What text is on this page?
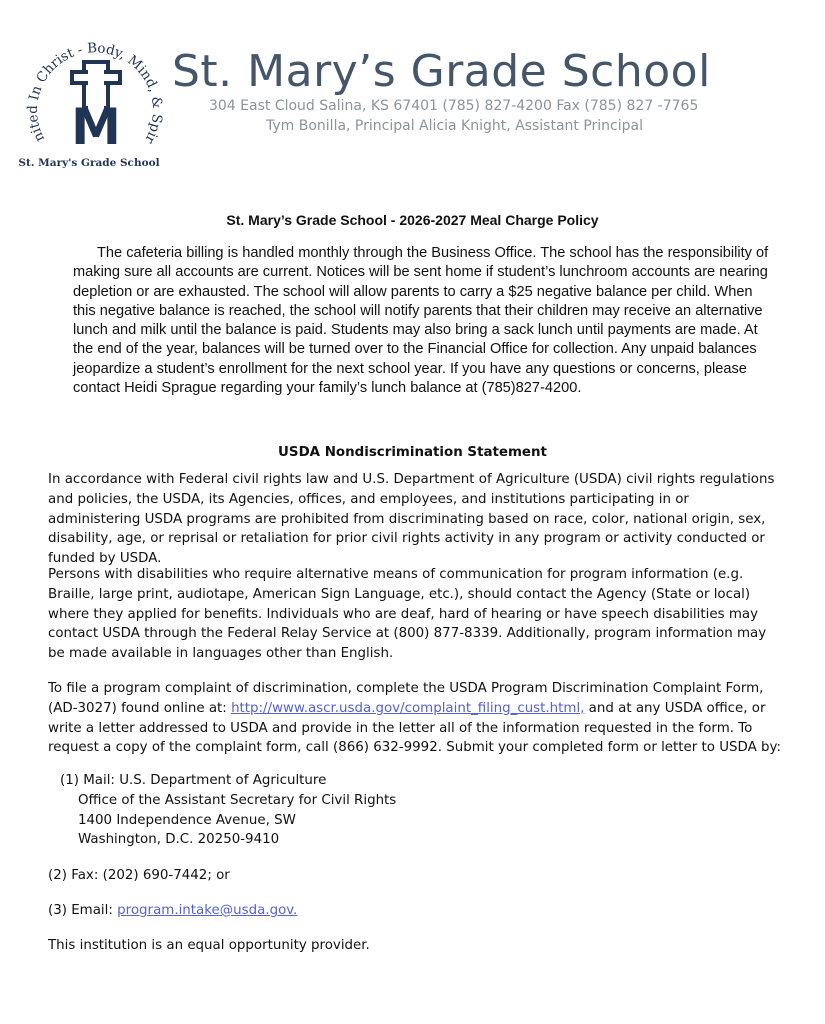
nited In Christ - Body, Mind, & Spir
M
St. Mary's Grade School
St. Mary’s Grade School
304 East Cloud Salina, KS 67401 (785) 827-4200 Fax (785) 827 -7765
Tym Bonilla, Principal Alicia Knight, Assistant Principal
St. Mary’s Grade School - 2026-2027 Meal Charge Policy

The cafeteria billing is handled monthly through the Business Office. The school has the responsibility of making sure all accounts are current. Notices will be sent home if student’s lunchroom accounts are nearing depletion or are exhausted. The school will allow parents to carry a $25 negative balance per child. When this negative balance is reached, the school will notify parents that their children may receive an alternative lunch and milk until the balance is paid. Students may also bring a sack lunch until payments are made. At the end of the year, balances will be turned over to the Financial Office for collection. Any unpaid balances jeopardize a student’s enrollment for the next school year. If you have any questions or concerns, please contact Heidi Sprague regarding your family’s lunch balance at (785)827-4200.

USDA Nondiscrimination Statement

In accordance with Federal civil rights law and U.S. Department of Agriculture (USDA) civil rights regulations and policies, the USDA, its Agencies, offices, and employees, and institutions participating in or administering USDA programs are prohibited from discriminating based on race, color, national origin, sex, disability, age, or reprisal or retaliation for prior civil rights activity in any program or activity conducted or funded by USDA.

Persons with disabilities who require alternative means of communication for program information (e.g. Braille, large print, audiotape, American Sign Language, etc.), should contact the Agency (State or local) where they applied for benefits. Individuals who are deaf, hard of hearing or have speech disabilities may contact USDA through the Federal Relay Service at (800) 877-8339. Additionally, program information may be made available in languages other than English.

To file a program complaint of discrimination, complete the USDA Program Discrimination Complaint Form, (AD-3027) found online at: http://www.ascr.usda.gov/complaint_filing_cust.html, and at any USDA office, or write a letter addressed to USDA and provide in the letter all of the information requested in the form. To request a copy of the complaint form, call (866) 632-9992. Submit your completed form or letter to USDA by:

(1) Mail: U.S. Department of Agriculture
Office of the Assistant Secretary for Civil Rights
1400 Independence Avenue, SW
Washington, D.C. 20250-9410

(2) Fax: (202) 690-7442; or

(3) Email: program.intake@usda.gov.

This institution is an equal opportunity provider.
